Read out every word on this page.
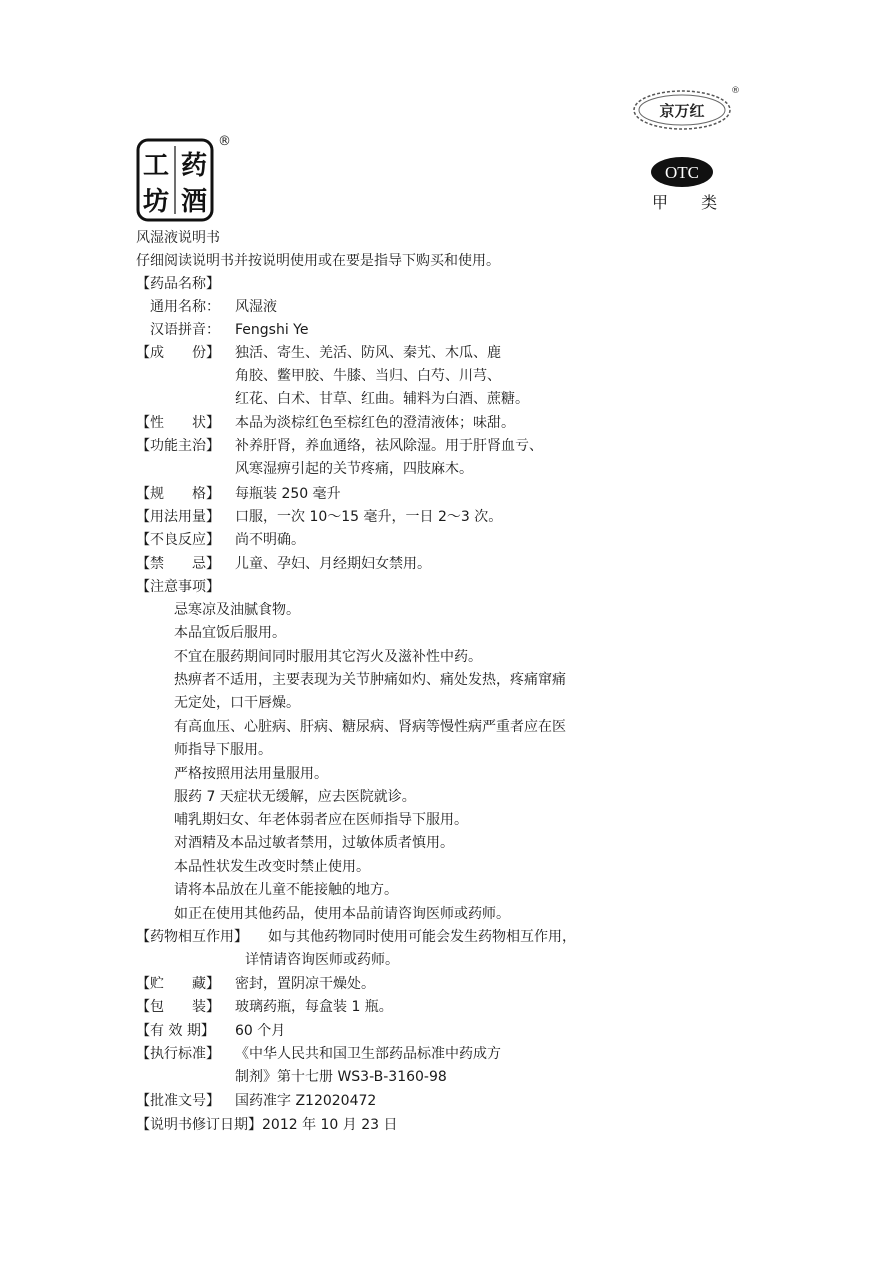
京万红
®
工
坊
药
酒
®
OTC
甲 类
风湿液说明书
仔细阅读说明书并按说明使用或在要是指导下购买和使用。
【药品名称】
通用名称： 风湿液
汉语拼音： Fengshi Ye
【成　　份】 独活、寄生、羌活、防风、秦艽、木瓜、鹿
角胶、鳖甲胶、牛膝、当归、白芍、川芎、
红花、白术、甘草、红曲。辅料为白酒、蔗糖。
【性　　状】 本品为淡棕红色至棕红色的澄清液体；味甜。
【功能主治】 补养肝肾，养血通络，祛风除湿。用于肝肾血亏、
风寒湿痹引起的关节疼痛，四肢麻木。
【规　　格】 每瓶装 250 毫升
【用法用量】 口服，一次 10～15 毫升，一日 2～3 次。
【不良反应】 尚不明确。
【禁　　忌】 儿童、孕妇、月经期妇女禁用。
【注意事项】
忌寒凉及油腻食物。
本品宜饭后服用。
不宜在服药期间同时服用其它泻火及滋补性中药。
热痹者不适用，主要表现为关节肿痛如灼、痛处发热，疼痛窜痛
无定处，口干唇燥。
有高血压、心脏病、肝病、糖尿病、肾病等慢性病严重者应在医
师指导下服用。
严格按照用法用量服用。
服药 7 天症状无缓解，应去医院就诊。
哺乳期妇女、年老体弱者应在医师指导下服用。
对酒精及本品过敏者禁用，过敏体质者慎用。
本品性状发生改变时禁止使用。
请将本品放在儿童不能接触的地方。
如正在使用其他药品，使用本品前请咨询医师或药师。
【药物相互作用】 如与其他药物同时使用可能会发生药物相互作用，
详情请咨询医师或药师。
【贮　　藏】 密封，置阴凉干燥处。
【包　　装】 玻璃药瓶，每盒装 1 瓶。
【有 效 期】 60 个月
【执行标准】 《中华人民共和国卫生部药品标准中药成方
制剂》第十七册 WS3-B-3160-98
【批准文号】 国药准字 Z12020472
【说明书修订日期】2012 年 10 月 23 日
